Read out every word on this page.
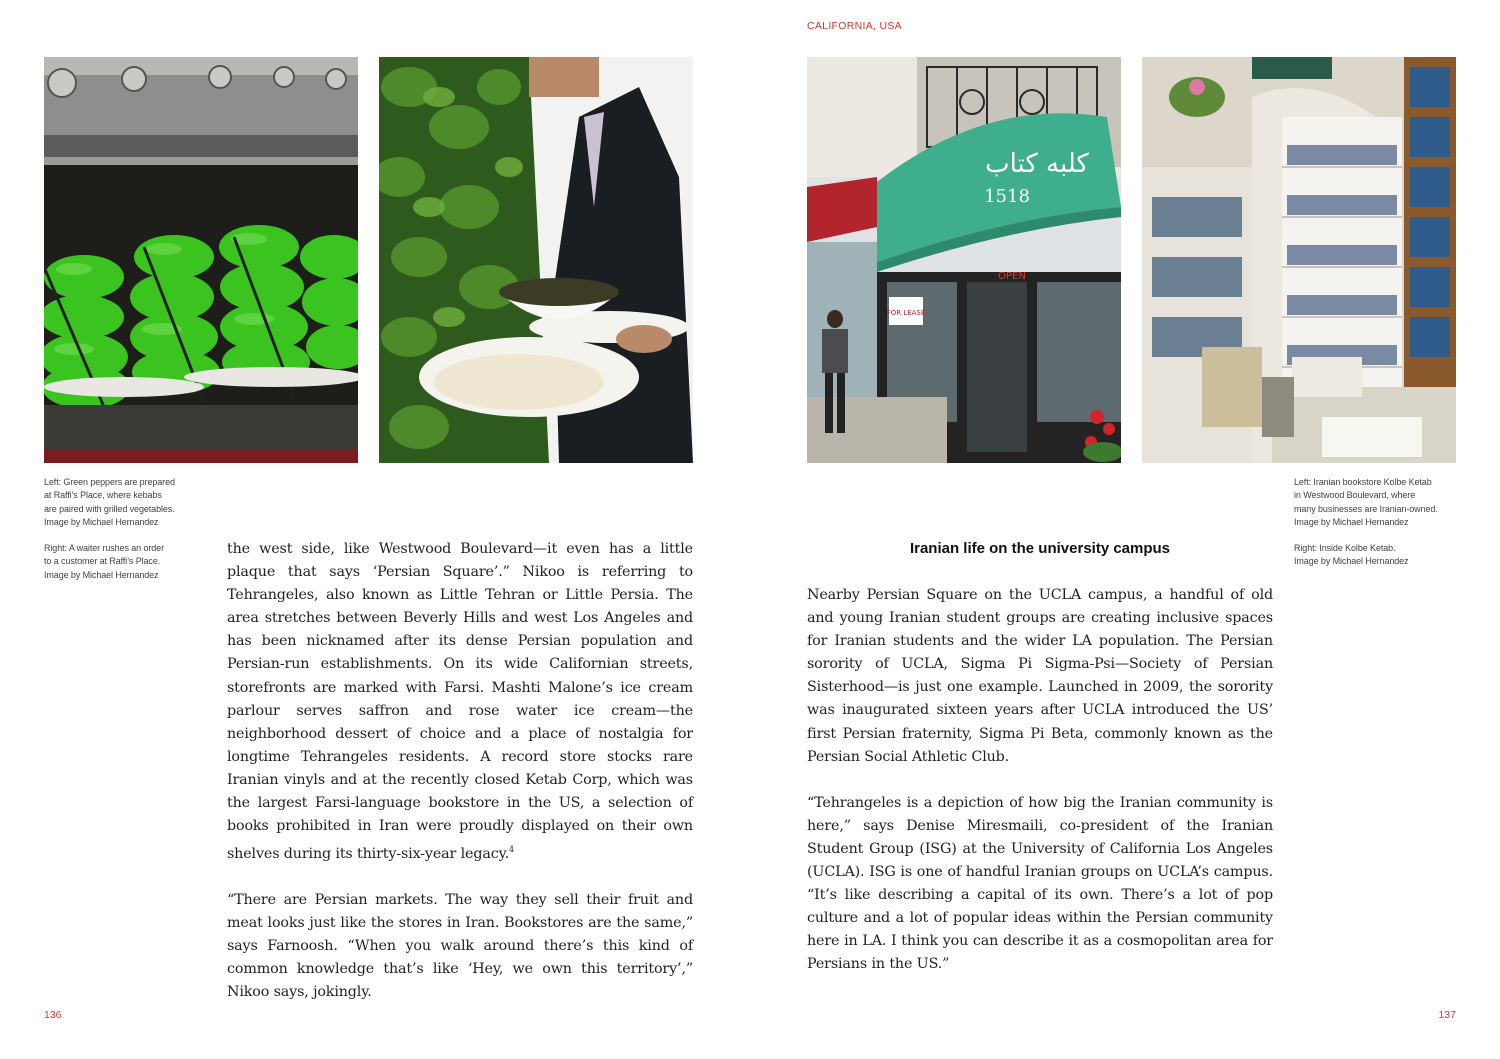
CALIFORNIA, USA
Left: Green peppers are prepared
at Raffi’s Place, where kebabs
are paired with grilled vegetables.
Image by Michael Hernandez
Right: A waiter rushes an order
to a customer at Raffi’s Place.
Image by Michael Hernandez

the west side, like Westwood Boulevard—it even has a little plaque that says ‘Persian Square’.” Nikoo is referring to Tehrangeles, also known as Little Tehran or Little Persia. The area stretches between Beverly Hills and west Los Angeles and has been nicknamed after its dense Persian population and Persian-run establishments. On its wide Californian streets, storefronts are marked with Farsi. Mashti Malone’s ice cream parlour serves saffron and rose water ice cream—the neighborhood dessert of choice and a place of nostalgia for longtime Tehrangeles residents. A record store stocks rare Iranian vinyls and at the recently closed Ketab Corp, which was the largest Farsi-language bookstore in the US, a selection of books prohibited in Iran were proudly displayed on their own shelves during its thirty-six-year legacy.$^4$

“There are Persian markets. The way they sell their fruit and meat looks just like the stores in Iran. Bookstores are the same,” says Farnoosh. “When you walk around there’s this kind of common knowledge that’s like ‘Hey, we own this territory’,” Nikoo says, jokingly.

136
کلبه کتاب
1518
FOR LEASE
OPEN
Left: Iranian bookstore Kolbe Ketab
in Westwood Boulevard, where
many businesses are Iranian-owned.
Image by Michael Hernandez
Right: Inside Kolbe Ketab.
Image by Michael Hernandez
Iranian life on the university campus

Nearby Persian Square on the UCLA campus, a handful of old and young Iranian student groups are creating inclusive spaces for Iranian students and the wider LA population. The Persian sorority of UCLA, Sigma Pi Sigma-Psi—Society of Persian Sisterhood—is just one example. Launched in 2009, the sorority was inaugurated sixteen years after UCLA introduced the US’ first Persian fraternity, Sigma Pi Beta, commonly known as the Persian Social Athletic Club.

“Tehrangeles is a depiction of how big the Iranian community is here,” says Denise Miresmaili, co-president of the Iranian Student Group (ISG) at the University of California Los Angeles (UCLA). ISG is one of handful Iranian groups on UCLA’s campus. “It’s like describing a capital of its own. There’s a lot of pop culture and a lot of popular ideas within the Persian community here in LA. I think you can describe it as a cosmopolitan area for Persians in the US.”

137
